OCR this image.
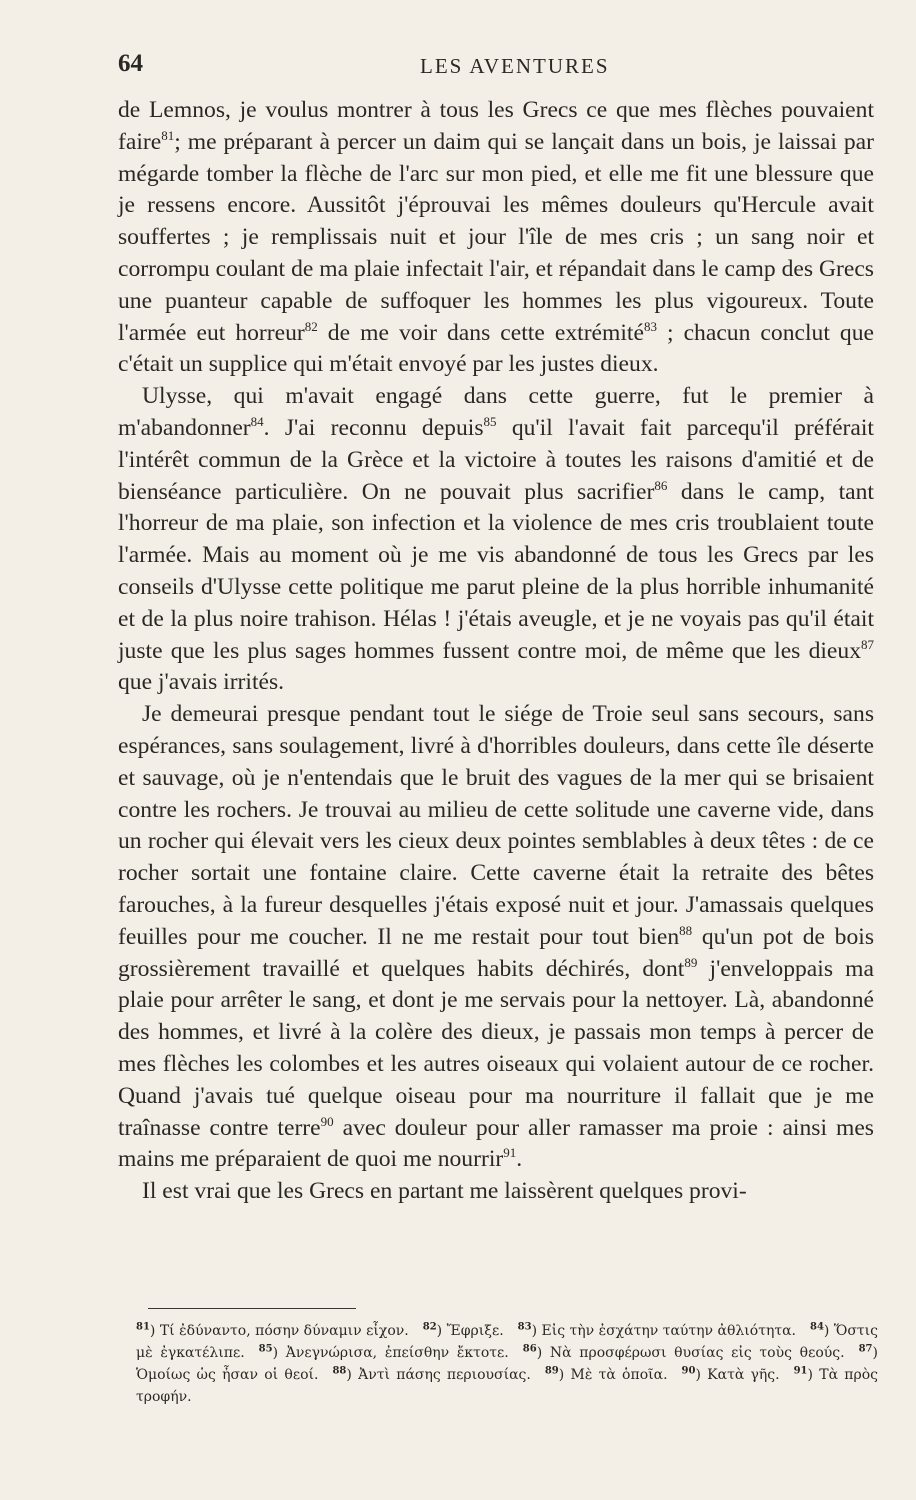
64	LES AVENTURES

de Lemnos, je voulus montrer à tous les Grecs ce que mes flèches pouvaient faire$^{81}$; me préparant à percer un daim qui se lançait dans un bois, je laissai par mégarde tomber la flèche de l'arc sur mon pied, et elle me fit une blessure que je ressens encore. Aussitôt j'éprouvai les mêmes douleurs qu'Hercule avait souffertes ; je remplissais nuit et jour l'île de mes cris ; un sang noir et corrompu coulant de ma plaie infectait l'air, et répandait dans le camp des Grecs une puanteur capable de suffoquer les hommes les plus vigoureux. Toute l'armée eut horreur$^{82}$ de me voir dans cette extrémité$^{83}$ ; chacun conclut que c'était un supplice qui m'était envoyé par les justes dieux.

Ulysse, qui m'avait engagé dans cette guerre, fut le premier à m'abandonner$^{84}$. J'ai reconnu depuis$^{85}$ qu'il l'avait fait parcequ'il préférait l'intérêt commun de la Grèce et la victoire à toutes les raisons d'amitié et de bienséance particulière. On ne pouvait plus sacrifier$^{86}$ dans le camp, tant l'horreur de ma plaie, son infection et la violence de mes cris troublaient toute l'armée. Mais au moment où je me vis abandonné de tous les Grecs par les conseils d'Ulysse cette politique me parut pleine de la plus horrible inhumanité et de la plus noire trahison. Hélas ! j'étais aveugle, et je ne voyais pas qu'il était juste que les plus sages hommes fussent contre moi, de même que les dieux$^{87}$ que j'avais irrités.

Je demeurai presque pendant tout le siége de Troie seul sans secours, sans espérances, sans soulagement, livré à d'horribles douleurs, dans cette île déserte et sauvage, où je n'entendais que le bruit des vagues de la mer qui se brisaient contre les rochers. Je trouvai au milieu de cette solitude une caverne vide, dans un rocher qui élevait vers les cieux deux pointes semblables à deux têtes : de ce rocher sortait une fontaine claire. Cette caverne était la retraite des bêtes farouches, à la fureur desquelles j'étais exposé nuit et jour. J'amassais quelques feuilles pour me coucher. Il ne me restait pour tout bien$^{88}$ qu'un pot de bois grossièrement travaillé et quelques habits déchirés, dont$^{89}$ j'enveloppais ma plaie pour arrêter le sang, et dont je me servais pour la nettoyer. Là, abandonné des hommes, et livré à la colère des dieux, je passais mon temps à percer de mes flèches les colombes et les autres oiseaux qui volaient autour de ce rocher. Quand j'avais tué quelque oiseau pour ma nourriture il fallait que je me traînasse contre terre$^{90}$ avec douleur pour aller ramasser ma proie : ainsi mes mains me préparaient de quoi me nourrir$^{91}$.

Il est vrai que les Grecs en partant me laissèrent quelques provi-

$^{81}$) Τί ἐδύναντο, πόσην δύναμιν εἶχον.  $^{82}$) Ἔφριξε.  $^{83}$) Εἰς τὴν ἐσχάτην ταύτην ἀθλιότητα.  $^{84}$) Ὅστις μὲ ἐγκατέλιπε.  $^{85}$) Ἀνεγνώρισα, ἐπείσθην ἔκτοτε.  $^{86}$) Νὰ προσφέρωσι θυσίας εἰς τοὺς θεούς.  $^{87}$) Ὁμοίως ὡς ἦσαν οἱ θεοί.  $^{88}$) Ἀντὶ πάσης περιουσίας.  $^{89}$) Μὲ τὰ ὁποῖα.  $^{90}$) Κατὰ γῆς.  $^{91}$) Τὰ πρὸς τροφήν. 
